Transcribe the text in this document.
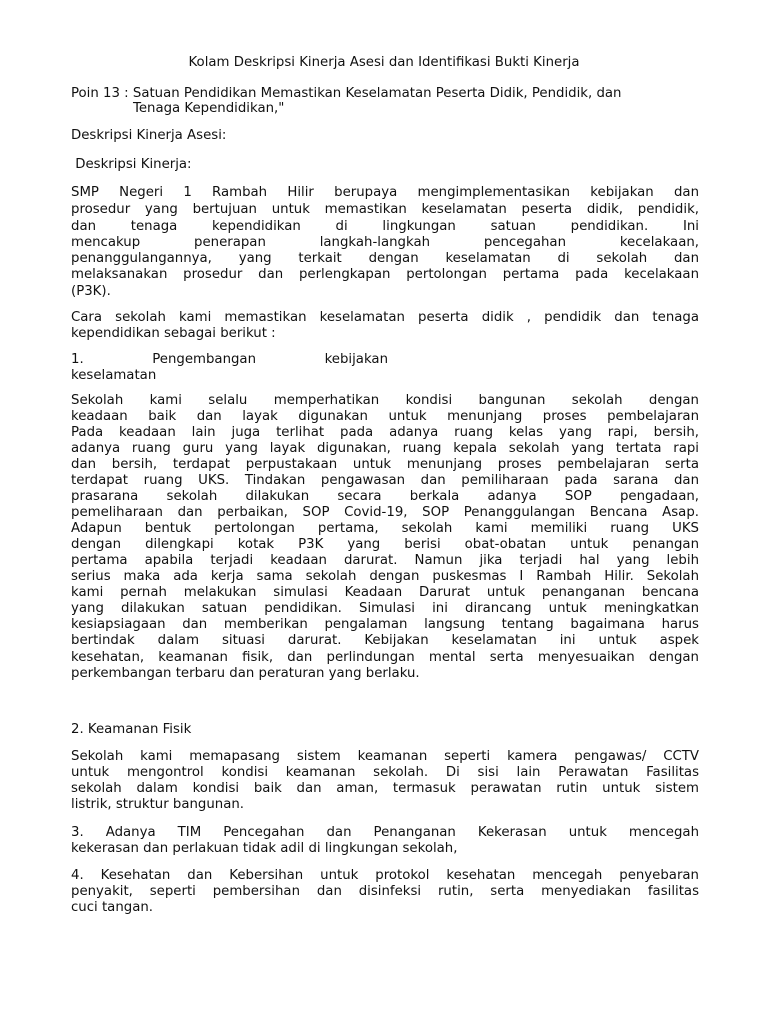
Kolam Deskripsi Kinerja Asesi dan Identifikasi Bukti Kinerja
Poin 13 : Satuan Pendidikan Memastikan Keselamatan Peserta Didik, Pendidik, dan
Tenaga Kependidikan,"
Deskripsi Kinerja Asesi:
Deskripsi Kinerja:
SMP Negeri 1 Rambah Hilir berupaya mengimplementasikan kebijakan dan
prosedur yang bertujuan untuk memastikan keselamatan peserta didik, pendidik,
dan tenaga kependidikan di lingkungan satuan pendidikan. Ini
mencakup penerapan langkah-langkah pencegahan kecelakaan,
penanggulangannya, yang terkait dengan keselamatan di sekolah dan
melaksanakan prosedur dan perlengkapan pertolongan pertama pada kecelakaan
(P3K).
Cara sekolah kami memastikan keselamatan peserta didik , pendidik dan tenaga
kependidikan sebagai berikut :
1. Pengembangan kebijakan
keselamatan
Sekolah kami selalu memperhatikan kondisi bangunan sekolah dengan
keadaan baik dan layak digunakan untuk menunjang proses pembelajaran
Pada keadaan lain juga terlihat pada adanya ruang kelas yang rapi, bersih,
adanya ruang guru yang layak digunakan, ruang kepala sekolah yang tertata rapi
dan bersih, terdapat perpustakaan untuk menunjang proses pembelajaran serta
terdapat ruang UKS. Tindakan pengawasan dan pemiliharaan pada sarana dan
prasarana sekolah dilakukan secara berkala adanya SOP pengadaan,
pemeliharaan dan perbaikan, SOP Covid-19, SOP Penanggulangan Bencana Asap.
Adapun bentuk pertolongan pertama, sekolah kami memiliki ruang UKS
dengan dilengkapi kotak P3K yang berisi obat-obatan untuk penangan
pertama apabila terjadi keadaan darurat. Namun jika terjadi hal yang lebih
serius maka ada kerja sama sekolah dengan puskesmas I Rambah Hilir. Sekolah
kami pernah melakukan simulasi Keadaan Darurat untuk penanganan bencana
yang dilakukan satuan pendidikan. Simulasi ini dirancang untuk meningkatkan
kesiapsiagaan dan memberikan pengalaman langsung tentang bagaimana harus
bertindak dalam situasi darurat. Kebijakan keselamatan ini untuk aspek
kesehatan, keamanan fisik, dan perlindungan mental serta menyesuaikan dengan
perkembangan terbaru dan peraturan yang berlaku.
2. Keamanan Fisik
Sekolah kami memapasang sistem keamanan seperti kamera pengawas/ CCTV
untuk mengontrol kondisi keamanan sekolah. Di sisi lain Perawatan Fasilitas
sekolah dalam kondisi baik dan aman, termasuk perawatan rutin untuk sistem
listrik, struktur bangunan.
3. Adanya TIM Pencegahan dan Penanganan Kekerasan untuk mencegah
kekerasan dan perlakuan tidak adil di lingkungan sekolah,
4. Kesehatan dan Kebersihan untuk protokol kesehatan mencegah penyebaran
penyakit, seperti pembersihan dan disinfeksi rutin, serta menyediakan fasilitas
cuci tangan.
